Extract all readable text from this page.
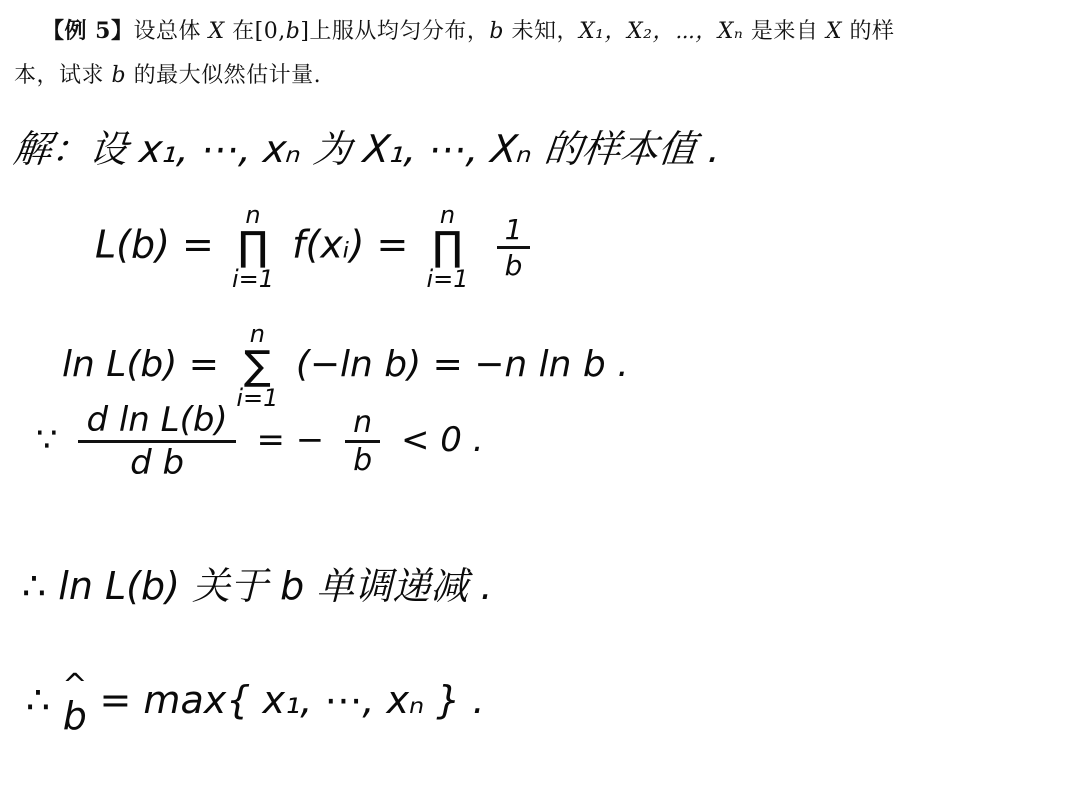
【例 5】设总体 X 在[0,b]上服从均匀分布，b 未知，X₁，X₂，⋯，Xₙ 是来自 X 的样
本，试求 b 的最大似然估计量.
解：设 x₁, ⋯, xₙ 为 X₁, ⋯, Xₙ 的样本值 .
L(b) =
n
∏
i=1
f(xᵢ) =
n
∏
i=1
$\frac{1}{b}$
ln L(b) =
n
∑
i=1
(−ln b) = −n ln b .
∵ $\frac{\text{d ln L(b)}}{\text{d b}}$ = − $\frac{n}{b} < 0$ .
∴ ln L(b) 关于 b 单调递减 .
∴ ^
b = max{ x₁, ⋯, xₙ } .
